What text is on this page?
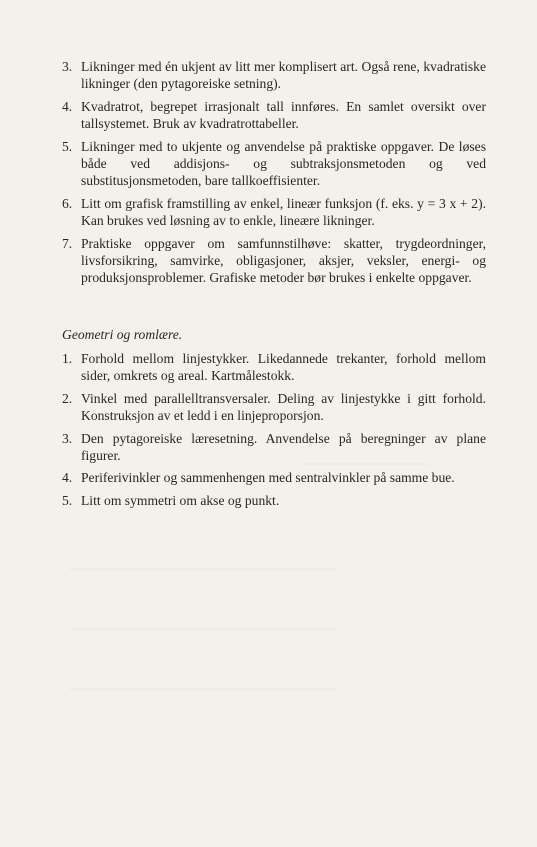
──────────────
─────────────────────────────
─────────────────────────────
─────────────────────────────
3. Likninger med én ukjent av litt mer komplisert art. Også rene, kvadratiske likninger (den pytagoreiske setning).
4. Kvadratrot, begrepet irrasjonalt tall innføres. En samlet oversikt over tallsystemet. Bruk av kvadratrottabeller.
5. Likninger med to ukjente og anvendelse på praktiske oppgaver. De løses både ved addisjons- og subtraksjonsmetoden og ved substitusjonsmetoden, bare tallkoeffisienter.
6. Litt om grafisk framstilling av enkel, lineær funksjon (f. eks. y = 3 x + 2). Kan brukes ved løsning av to enkle, lineære likninger.
7. Praktiske oppgaver om samfunnstilhøve: skatter, trygdeordninger, livsforsikring, samvirke, obligasjoner, aksjer, veksler, energi- og produksjonsproblemer. Grafiske metoder bør brukes i enkelte oppgaver.
Geometri og romlære.
1. Forhold mellom linjestykker. Likedannede trekanter, forhold mellom sider, omkrets og areal. Kartmålestokk.
2. Vinkel med parallelltransversaler. Deling av linjestykke i gitt forhold. Konstruksjon av et ledd i en linjeproporsjon.
3. Den pytagoreiske læresetning. Anvendelse på beregninger av plane figurer.
4. Periferivinkler og sammenhengen med sentralvinkler på samme bue.
5. Litt om symmetri om akse og punkt.
